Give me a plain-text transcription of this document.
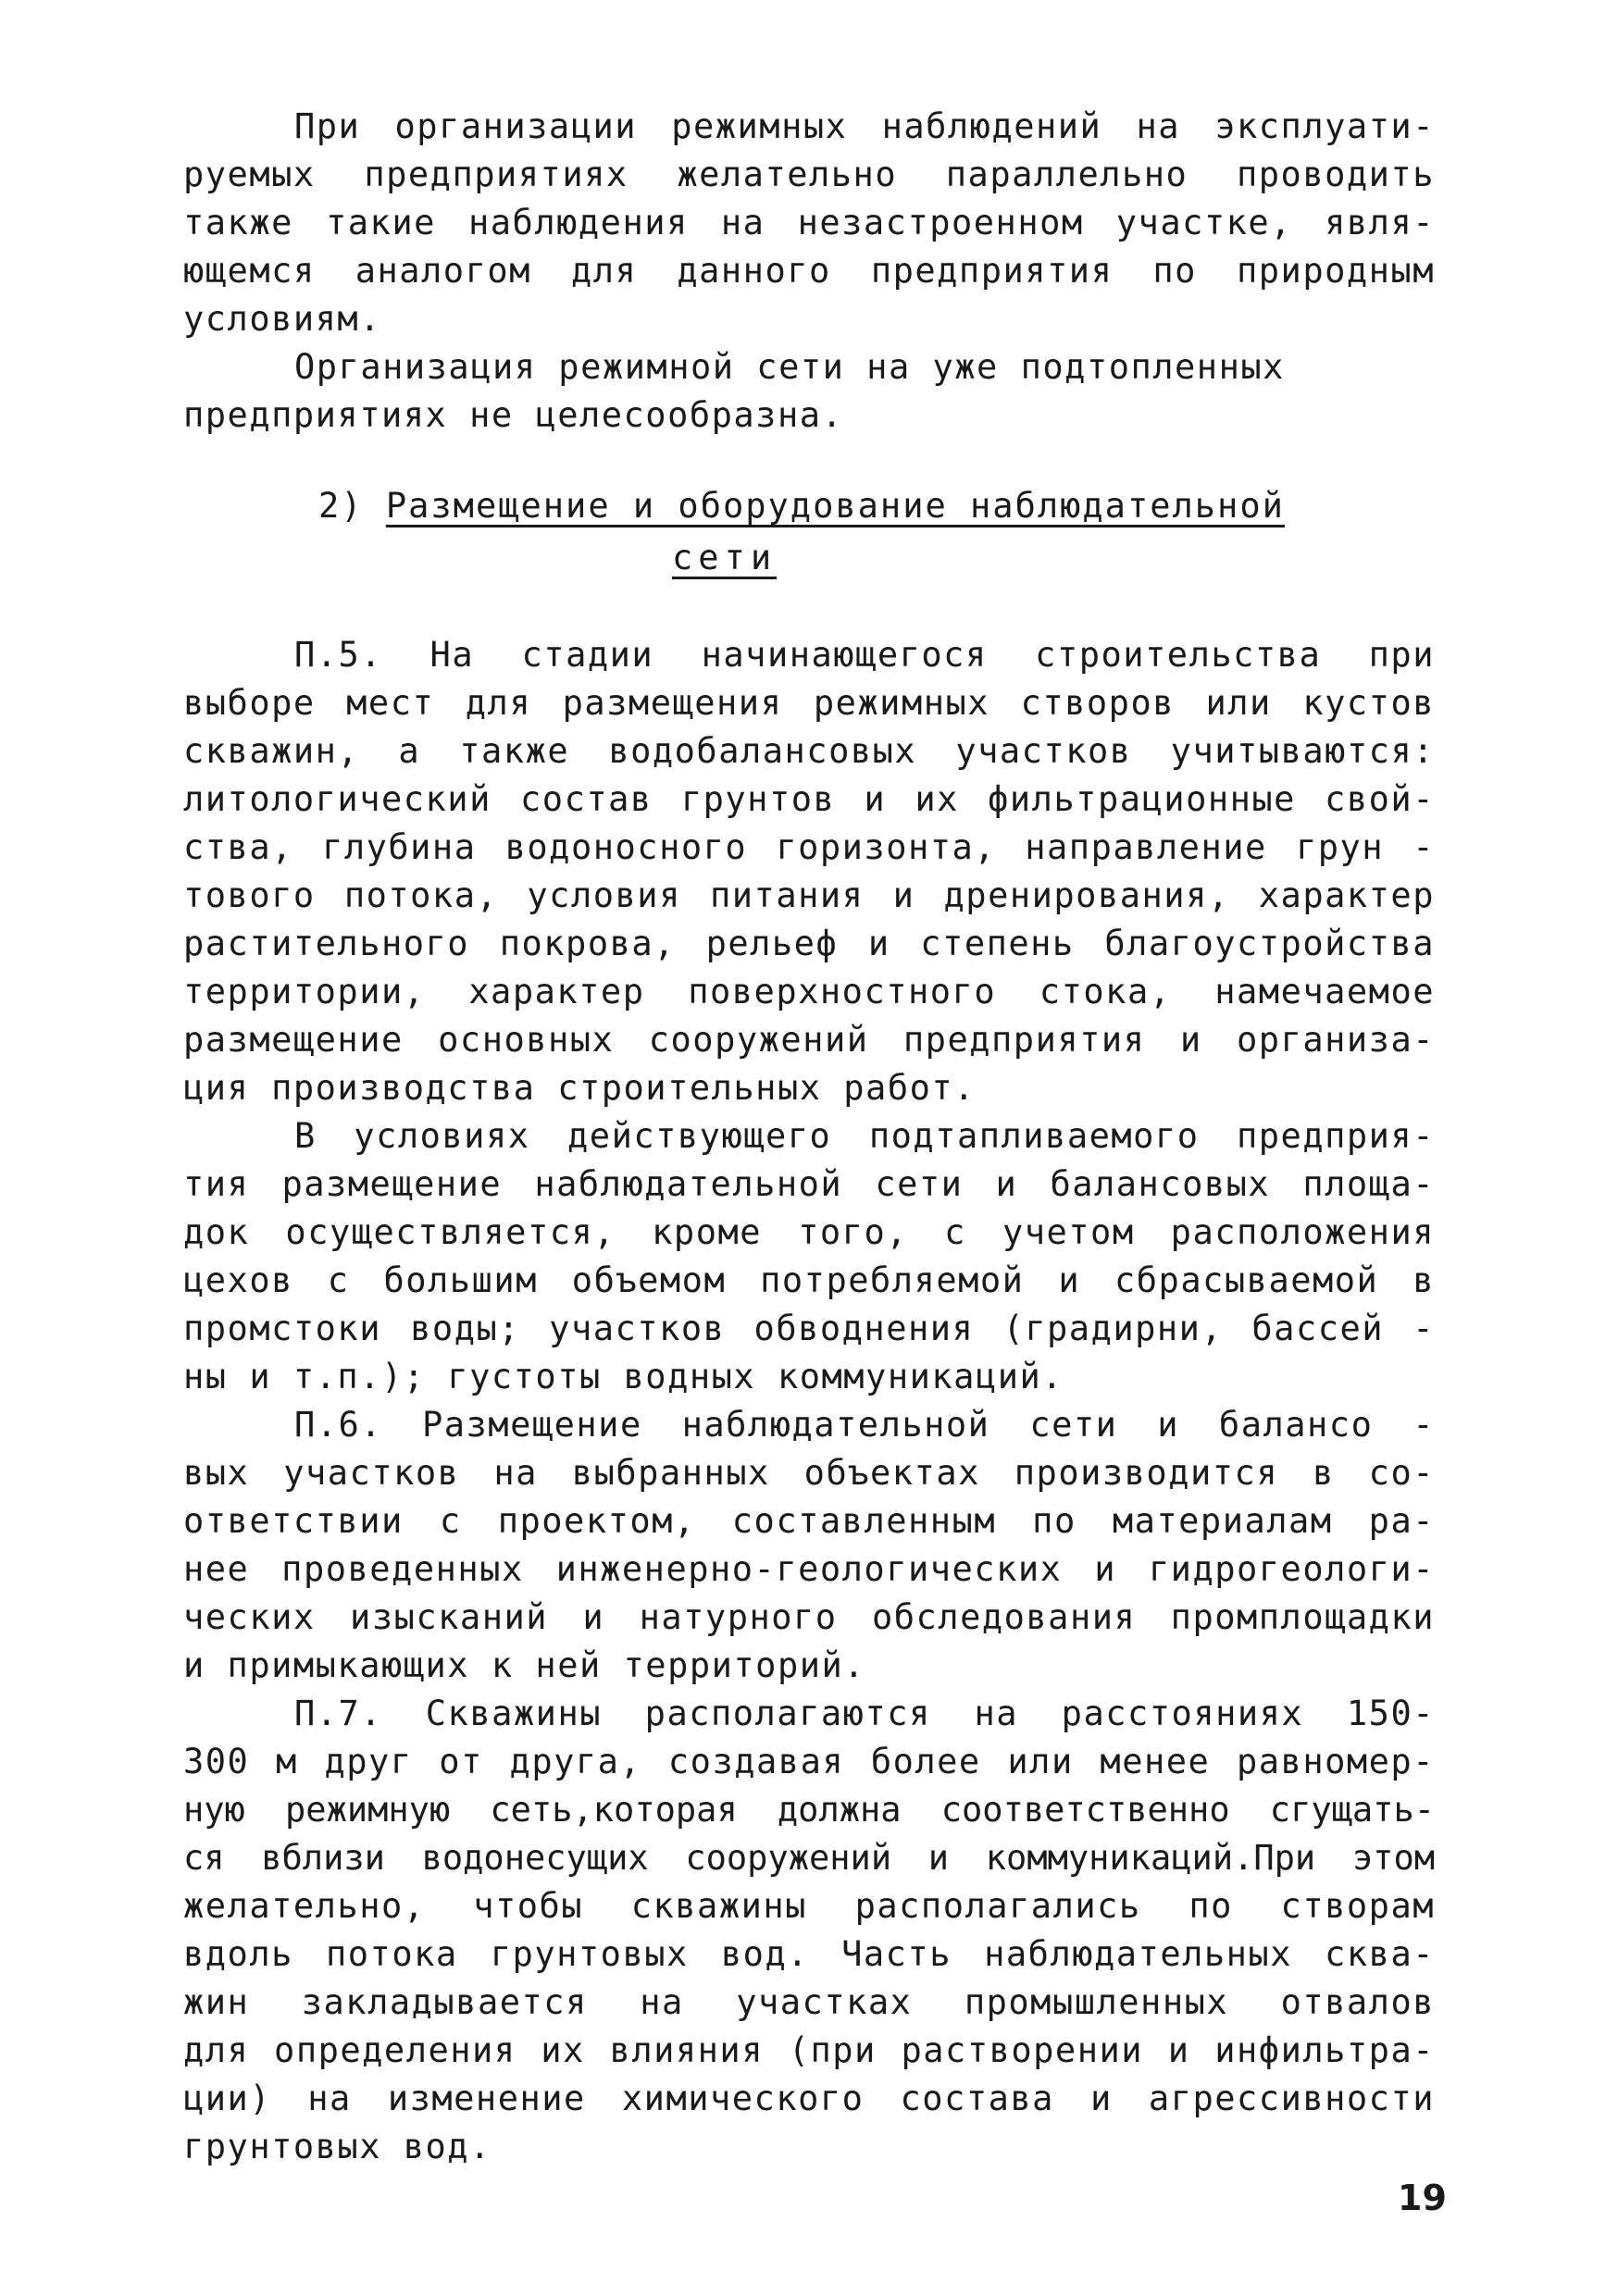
При организации режимных наблюдений на эксплуати-
руемых предприятиях желательно параллельно проводить
также такие наблюдения на незастроенном участке, явля-
ющемся аналогом для данного предприятия по природным
условиям.
Организация режимной сети на уже подтопленных
предприятиях не целесообразна.
2) Размещение и оборудование наблюдательной
сети
П.5. На стадии начинающегося строительства при
выборе мест для размещения режимных створов или кустов
скважин, а также водобалансовых участков учитываются:
литологический состав грунтов и их фильтрационные свой-
ства, глубина водоносного горизонта, направление грун -
тового потока, условия питания и дренирования, характер
растительного покрова, рельеф и степень благоустройства
территории, характер поверхностного стока, намечаемое
размещение основных сооружений предприятия и организа-
ция производства строительных работ.
В условиях действующего подтапливаемого предприя-
тия размещение наблюдательной сети и балансовых площа-
док осуществляется, кроме того, с учетом расположения
цехов с большим объемом потребляемой и сбрасываемой в
промстоки воды; участков обводнения (градирни, бассей -
ны и т.п.); густоты водных коммуникаций.
П.6. Размещение наблюдательной сети и балансо -
вых участков на выбранных объектах производится в со-
ответствии с проектом, составленным по материалам ра-
нее проведенных инженерно-геологических и гидрогеологи-
ческих изысканий и натурного обследования промплощадки
и примыкающих к ней территорий.
П.7. Скважины располагаются на расстояниях 150-
300 м друг от друга, создавая более или менее равномер-
ную режимную сеть,которая должна соответственно сгущать-
ся вблизи водонесущих сооружений и коммуникаций.При этом
желательно, чтобы скважины располагались по створам
вдоль потока грунтовых вод. Часть наблюдательных сква-
жин закладывается на участках промышленных отвалов
для определения их влияния (при растворении и инфильтра-
ции) на изменение химического состава и агрессивности
грунтовых вод.
19
